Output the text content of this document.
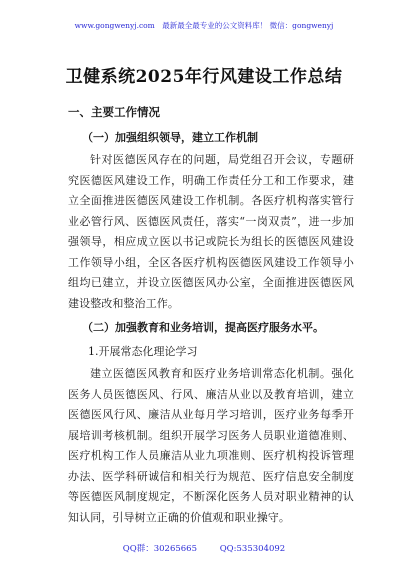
www.gongwenyj.com　最新最全最专业的公文资料库！ 微信：gongwenyj
卫健系统2025年行风建设工作总结
一、主要工作情况
（一）加强组织领导，建立工作机制

针对医德医风存在的问题，局党组召开会议，专题研究医德医风建设工作，明确工作责任分工和工作要求，建立全面推进医德医风建设工作机制。各医疗机构落实管行业必管行风、医德医风责任，落实“一岗双责”，进一步加强领导，相应成立医以书记或院长为组长的医德医风建设工作领导小组，全区各医疗机构医德医风建设工作领导小组均已建立，并设立医德医风办公室，全面推进医德医风建设整改和整治工作。

（二）加强教育和业务培训，提高医疗服务水平。
1.开展常态化理论学习

建立医德医风教育和医疗业务培训常态化机制。强化医务人员医德医风、行风、廉洁从业以及教育培训，建立医德医风行风、廉洁从业每月学习培训，医疗业务每季开展培训考核机制。组织开展学习医务人员职业道德准则、医疗机构工作人员廉洁从业九项准则、医疗机构投诉管理办法、医学科研诚信和相关行为规范、医疗信息安全制度等医德医风制度规定，不断深化医务人员对职业精神的认知认同，引导树立正确的价值观和职业操守。

QQ群：30265665	QQ:535304092
